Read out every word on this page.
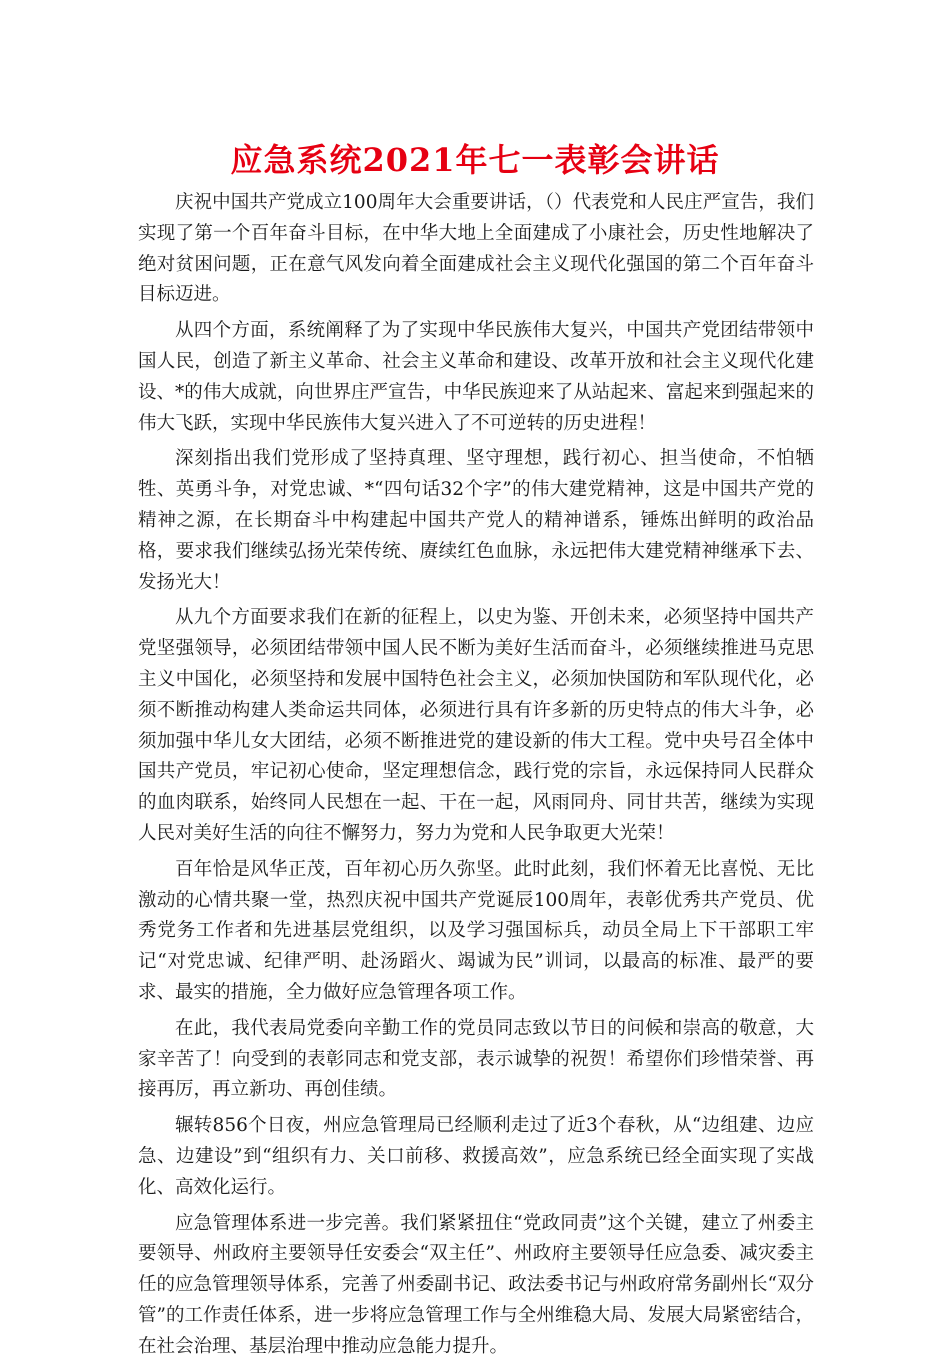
应急系统2021年七一表彰会讲话

庆祝中国共产党成立100周年大会重要讲话，（）代表党和人民庄严宣告，我们实现了第一个百年奋斗目标，在中华大地上全面建成了小康社会，历史性地解决了绝对贫困问题，正在意气风发向着全面建成社会主义现代化强国的第二个百年奋斗目标迈进。

从四个方面，系统阐释了为了实现中华民族伟大复兴，中国共产党团结带领中国人民，创造了新主义革命、社会主义革命和建设、改革开放和社会主义现代化建设、*的伟大成就，向世界庄严宣告，中华民族迎来了从站起来、富起来到强起来的伟大飞跃，实现中华民族伟大复兴进入了不可逆转的历史进程！

深刻指出我们党形成了坚持真理、坚守理想，践行初心、担当使命，不怕牺牲、英勇斗争，对党忠诚、*“四句话32个字”的伟大建党精神，这是中国共产党的精神之源，在长期奋斗中构建起中国共产党人的精神谱系，锤炼出鲜明的政治品格，要求我们继续弘扬光荣传统、赓续红色血脉，永远把伟大建党精神继承下去、发扬光大！

从九个方面要求我们在新的征程上，以史为鉴、开创未来，必须坚持中国共产党坚强领导，必须团结带领中国人民不断为美好生活而奋斗，必须继续推进马克思主义中国化，必须坚持和发展中国特色社会主义，必须加快国防和军队现代化，必须不断推动构建人类命运共同体，必须进行具有许多新的历史特点的伟大斗争，必须加强中华儿女大团结，必须不断推进党的建设新的伟大工程。党中央号召全体中国共产党员，牢记初心使命，坚定理想信念，践行党的宗旨，永远保持同人民群众的血肉联系，始终同人民想在一起、干在一起，风雨同舟、同甘共苦，继续为实现人民对美好生活的向往不懈努力，努力为党和人民争取更大光荣！

百年恰是风华正茂，百年初心历久弥坚。此时此刻，我们怀着无比喜悦、无比激动的心情共聚一堂，热烈庆祝中国共产党诞辰100周年，表彰优秀共产党员、优秀党务工作者和先进基层党组织，以及学习强国标兵，动员全局上下干部职工牢记“对党忠诚、纪律严明、赴汤蹈火、竭诚为民”训词，以最高的标准、最严的要求、最实的措施，全力做好应急管理各项工作。

在此，我代表局党委向辛勤工作的党员同志致以节日的问候和崇高的敬意，大家辛苦了！向受到的表彰同志和党支部，表示诚挚的祝贺！希望你们珍惜荣誉、再接再厉，再立新功、再创佳绩。

辗转856个日夜，州应急管理局已经顺利走过了近3个春秋，从“边组建、边应急、边建设”到“组织有力、关口前移、救援高效”，应急系统已经全面实现了实战化、高效化运行。

应急管理体系进一步完善。我们紧紧扭住“党政同责”这个关键，建立了州委主要领导、州政府主要领导任安委会“双主任”、州政府主要领导任应急委、减灾委主任的应急管理领导体系，完善了州委副书记、政法委书记与州政府常务副州长“双分管”的工作责任体系，进一步将应急管理工作与全州维稳大局、发展大局紧密结合，在社会治理、基层治理中推动应急能力提升。
